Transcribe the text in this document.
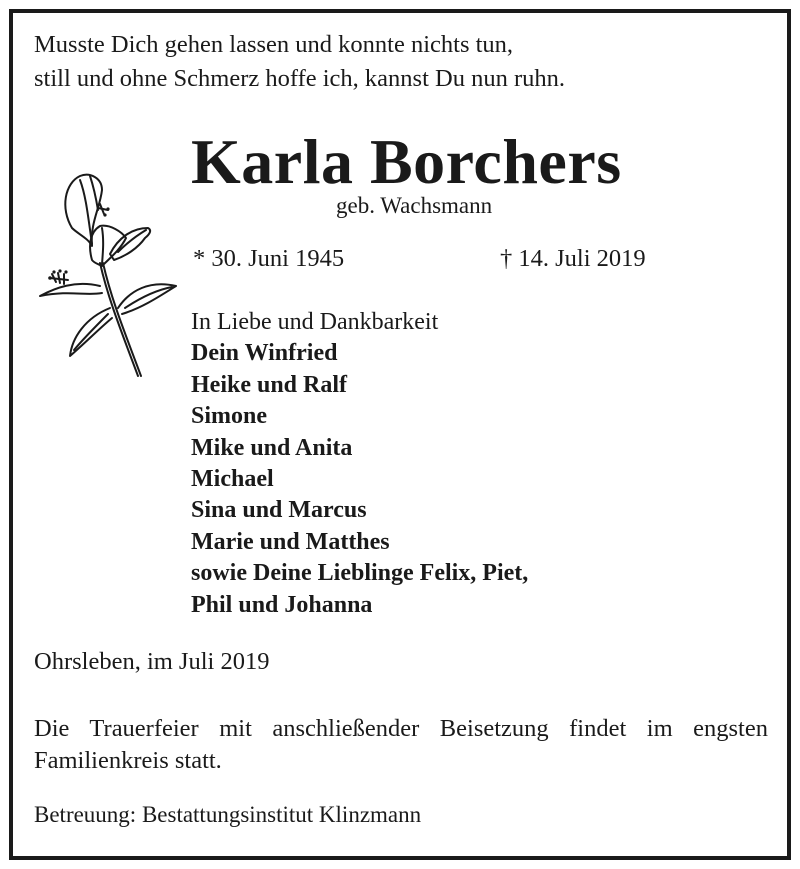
Musste Dich gehen lassen und konnte nichts tun,
still und ohne Schmerz hoffe ich, kannst Du nun ruhn.
Karla Borchers
geb. Wachsmann
* 30. Juni 1945	† 14. Juli 2019
In Liebe und Dankbarkeit
Dein Winfried
Heike und Ralf
Simone
Mike und Anita
Michael
Sina und Marcus
Marie und Matthes
sowie Deine Lieblinge Felix, Piet,
Phil und Johanna
Ohrsleben, im Juli 2019
Die Trauerfeier mit anschließender Beisetzung findet im engsten Familienkreis statt.
Betreuung: Bestattungsinstitut Klinzmann
